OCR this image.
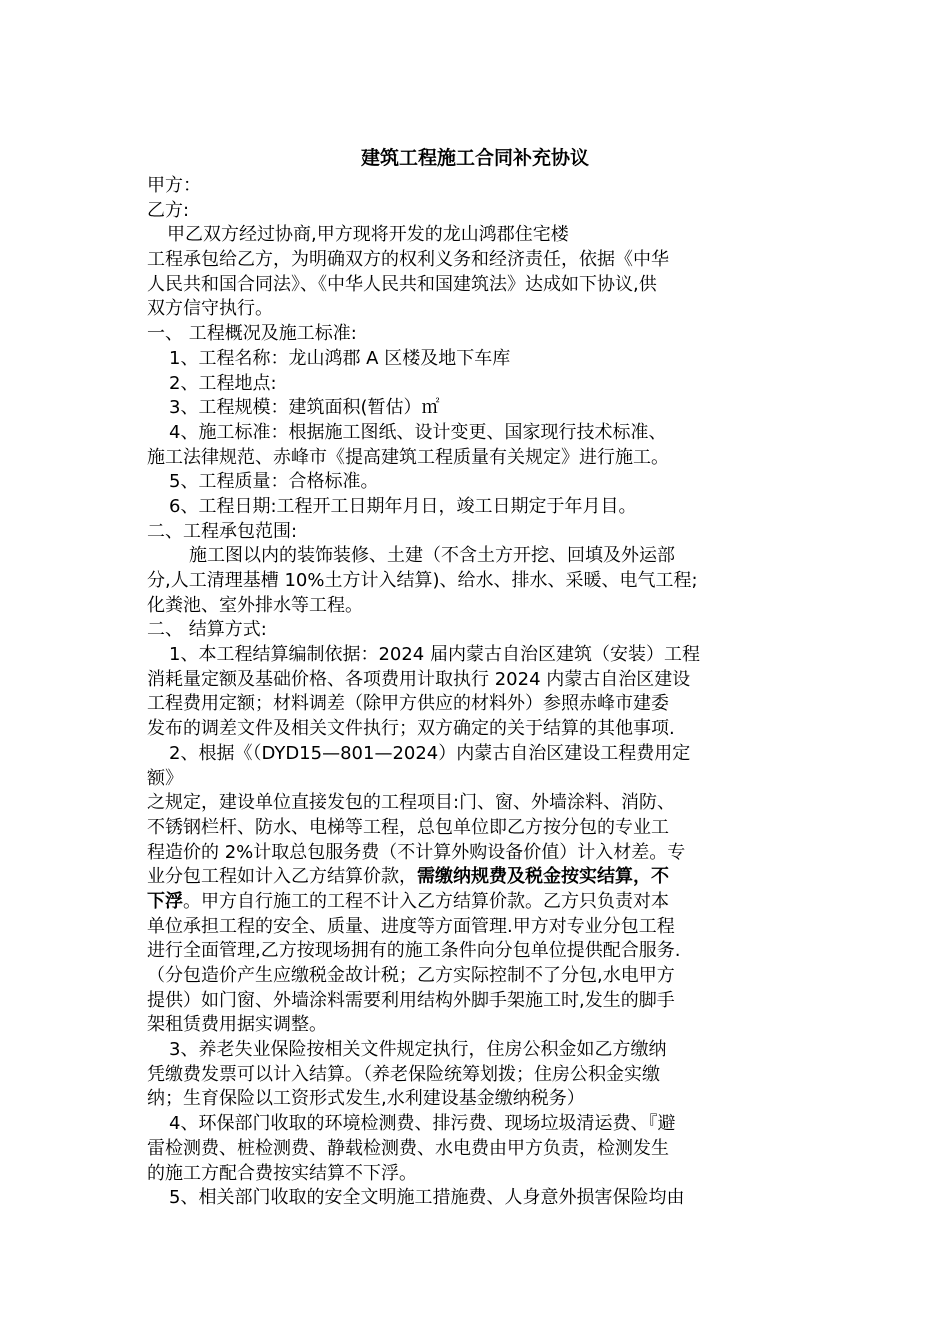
建筑工程施工合同补充协议
甲方：
乙方:
甲乙双方经过协商,甲方现将开发的龙山鸿郡住宅楼
工程承包给乙方，为明确双方的权利义务和经济责任，依据《中华
人民共和国合同法》、《中华人民共和国建筑法》达成如下协议,供
双方信守执行。
一、 工程概况及施工标准:
1、工程名称：龙山鸿郡 A 区楼及地下车库
2、工程地点:
3、工程规模：建筑面积(暂估）㎡
4、施工标准：根据施工图纸、设计变更、国家现行技术标准、
施工法律规范、赤峰市《提高建筑工程质量有关规定》进行施工。
5、工程质量：合格标准。
6、工程日期:工程开工日期年月日，竣工日期定于年月目。
二、工程承包范围:
施工图以内的装饰装修、土建（不含土方开挖、回填及外运部
分,人工清理基槽 10%土方计入结算)、给水、排水、采暖、电气工程;
化粪池、室外排水等工程。
二、 结算方式:
1、本工程结算编制依据：2024 届内蒙古自治区建筑（安装）工程
消耗量定额及基础价格、各项费用计取执行 2024 内蒙古自治区建设
工程费用定额；材料调差（除甲方供应的材料外）参照赤峰市建委
发布的调差文件及相关文件执行；双方确定的关于结算的其他事项.
2、根据《（DYD15—801—2024）内蒙古自治区建设工程费用定
额》
之规定，建设单位直接发包的工程项目:门、窗、外墙涂料、消防、
不锈钢栏杆、防水、电梯等工程，总包单位即乙方按分包的专业工
程造价的 2%计取总包服务费（不计算外购设备价值）计入材差。专
业分包工程如计入乙方结算价款，需缴纳规费及税金按实结算，不
下浮。甲方自行施工的工程不计入乙方结算价款。乙方只负责对本
单位承担工程的安全、质量、进度等方面管理.甲方对专业分包工程
进行全面管理,乙方按现场拥有的施工条件向分包单位提供配合服务.
（分包造价产生应缴税金故计税；乙方实际控制不了分包,水电甲方
提供）如门窗、外墙涂料需要利用结构外脚手架施工时,发生的脚手
架租赁费用据实调整。
3、养老失业保险按相关文件规定执行，住房公积金如乙方缴纳
凭缴费发票可以计入结算。（养老保险统筹划拨；住房公积金实缴
纳；生育保险以工资形式发生,水利建设基金缴纳税务）
4、环保部门收取的环境检测费、排污费、现场垃圾清运费、『避
雷检测费、桩检测费、静载检测费、水电费由甲方负责，检测发生
的施工方配合费按实结算不下浮。
5、相关部门收取的安全文明施工措施费、人身意外损害保险均由
